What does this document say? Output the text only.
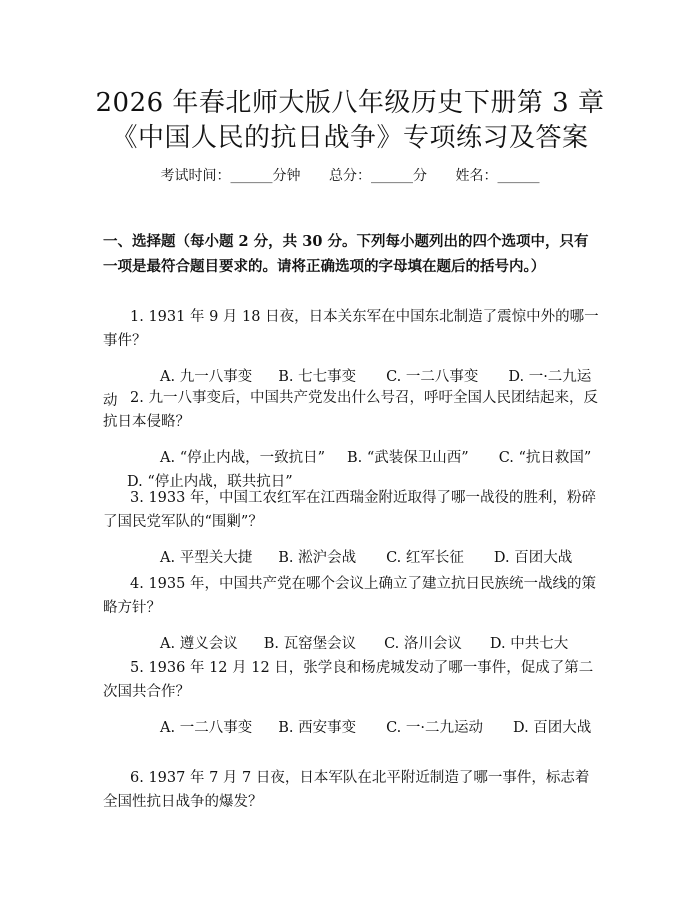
2026 年春北师大版八年级历史下册第 3 章
《中国人民的抗日战争》专项练习及答案
考试时间：______分钟 总分：______分 姓名：______
一、选择题（每小题 2 分，共 30 分。下列每小题列出的四个选项中，只有一项是最符合题目要求的。请将正确选项的字母填在题后的括号内。）
1. 1931 年 9 月 18 日夜，日本关东军在中国东北制造了震惊中外的哪一事件？
A. 九一八事变 B. 七七事变 C. 一二八事变 D. 一·二九运动 2. 九一八事变后，中国共产党发出什么号召，呼吁全国人民团结起来，反抗日本侵略？
A. “停止内战，一致抗日” B. “武装保卫山西” C. “抗日救国”D. “停止内战，联共抗日”
3. 1933 年，中国工农红军在江西瑞金附近取得了哪一战役的胜利，粉碎了国民党军队的“围剿”？
A. 平型关大捷 B. 淞沪会战 C. 红军长征 D. 百团大战
4. 1935 年，中国共产党在哪个会议上确立了建立抗日民族统一战线的策略方针？
A. 遵义会议 B. 瓦窑堡会议 C. 洛川会议 D. 中共七大
5. 1936 年 12 月 12 日，张学良和杨虎城发动了哪一事件，促成了第二次国共合作？
A. 一二八事变 B. 西安事变 C. 一·二九运动 D. 百团大战
6. 1937 年 7 月 7 日夜，日本军队在北平附近制造了哪一事件，标志着全国性抗日战争的爆发？
